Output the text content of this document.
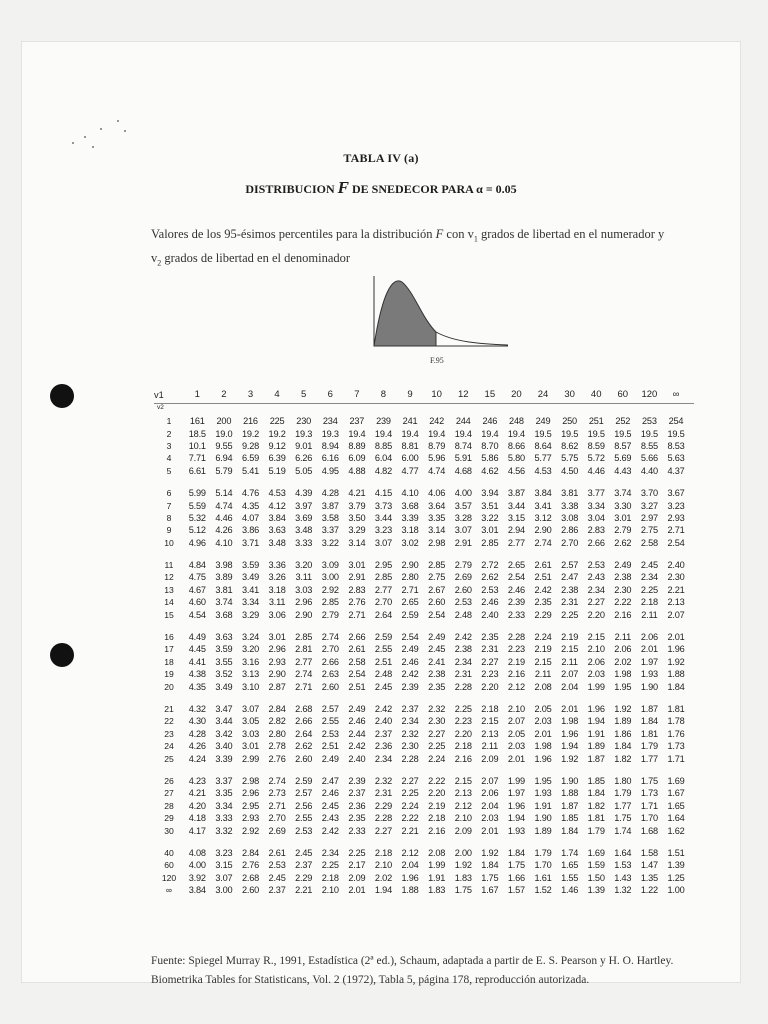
TABLA IV (a)
DISTRIBUCION F DE SNEDECOR PARA α = 0.05
Valores de los 95-ésimos percentiles para la distribución F con $v_1$ grados de libertad en el numerador y $v_2$ grados de libertad en el denominador
F.95
v1	1	2	3	4	5	6	7	8	9	10	12	15	20	24	30	40	60	120	∞
v2
1	161	200	216	225	230	234	237	239	241	242	244	246	248	249	250	251	252	253	254
2	18.5	19.0	19.2	19.2	19.3	19.3	19.4	19.4	19.4	19.4	19.4	19.4	19.4	19.5	19.5	19.5	19.5	19.5	19.5
3	10.1	9.55	9.28	9.12	9.01	8.94	8.89	8.85	8.81	8.79	8.74	8.70	8.66	8.64	8.62	8.59	8.57	8.55	8.53
4	7.71	6.94	6.59	6.39	6.26	6.16	6.09	6.04	6.00	5.96	5.91	5.86	5.80	5.77	5.75	5.72	5.69	5.66	5.63
5	6.61	5.79	5.41	5.19	5.05	4.95	4.88	4.82	4.77	4.74	4.68	4.62	4.56	4.53	4.50	4.46	4.43	4.40	4.37
6	5.99	5.14	4.76	4.53	4.39	4.28	4.21	4.15	4.10	4.06	4.00	3.94	3.87	3.84	3.81	3.77	3.74	3.70	3.67
7	5.59	4.74	4.35	4.12	3.97	3.87	3.79	3.73	3.68	3.64	3.57	3.51	3.44	3.41	3.38	3.34	3.30	3.27	3.23
8	5.32	4.46	4.07	3.84	3.69	3.58	3.50	3.44	3.39	3.35	3.28	3.22	3.15	3.12	3.08	3.04	3.01	2.97	2.93
9	5.12	4.26	3.86	3.63	3.48	3.37	3.29	3.23	3.18	3.14	3.07	3.01	2.94	2.90	2.86	2.83	2.79	2.75	2.71
10	4.96	4.10	3.71	3.48	3.33	3.22	3.14	3.07	3.02	2.98	2.91	2.85	2.77	2.74	2.70	2.66	2.62	2.58	2.54
11	4.84	3.98	3.59	3.36	3.20	3.09	3.01	2.95	2.90	2.85	2.79	2.72	2.65	2.61	2.57	2.53	2.49	2.45	2.40
12	4.75	3.89	3.49	3.26	3.11	3.00	2.91	2.85	2.80	2.75	2.69	2.62	2.54	2.51	2.47	2.43	2.38	2.34	2.30
13	4.67	3.81	3.41	3.18	3.03	2.92	2.83	2.77	2.71	2.67	2.60	2.53	2.46	2.42	2.38	2.34	2.30	2.25	2.21
14	4.60	3.74	3.34	3.11	2.96	2.85	2.76	2.70	2.65	2.60	2.53	2.46	2.39	2.35	2.31	2.27	2.22	2.18	2.13
15	4.54	3.68	3.29	3.06	2.90	2.79	2.71	2.64	2.59	2.54	2.48	2.40	2.33	2.29	2.25	2.20	2.16	2.11	2.07
16	4.49	3.63	3.24	3.01	2.85	2.74	2.66	2.59	2.54	2.49	2.42	2.35	2.28	2.24	2.19	2.15	2.11	2.06	2.01
17	4.45	3.59	3.20	2.96	2.81	2.70	2.61	2.55	2.49	2.45	2.38	2.31	2.23	2.19	2.15	2.10	2.06	2.01	1.96
18	4.41	3.55	3.16	2.93	2.77	2.66	2.58	2.51	2.46	2.41	2.34	2.27	2.19	2.15	2.11	2.06	2.02	1.97	1.92
19	4.38	3.52	3.13	2.90	2.74	2.63	2.54	2.48	2.42	2.38	2.31	2.23	2.16	2.11	2.07	2.03	1.98	1.93	1.88
20	4.35	3.49	3.10	2.87	2.71	2.60	2.51	2.45	2.39	2.35	2.28	2.20	2.12	2.08	2.04	1.99	1.95	1.90	1.84
21	4.32	3.47	3.07	2.84	2.68	2.57	2.49	2.42	2.37	2.32	2.25	2.18	2.10	2.05	2.01	1.96	1.92	1.87	1.81
22	4.30	3.44	3.05	2.82	2.66	2.55	2.46	2.40	2.34	2.30	2.23	2.15	2.07	2.03	1.98	1.94	1.89	1.84	1.78
23	4.28	3.42	3.03	2.80	2.64	2.53	2.44	2.37	2.32	2.27	2.20	2.13	2.05	2.01	1.96	1.91	1.86	1.81	1.76
24	4.26	3.40	3.01	2.78	2.62	2.51	2.42	2.36	2.30	2.25	2.18	2.11	2.03	1.98	1.94	1.89	1.84	1.79	1.73
25	4.24	3.39	2.99	2.76	2.60	2.49	2.40	2.34	2.28	2.24	2.16	2.09	2.01	1.96	1.92	1.87	1.82	1.77	1.71
26	4.23	3.37	2.98	2.74	2.59	2.47	2.39	2.32	2.27	2.22	2.15	2.07	1.99	1.95	1.90	1.85	1.80	1.75	1.69
27	4.21	3.35	2.96	2.73	2.57	2.46	2.37	2.31	2.25	2.20	2.13	2.06	1.97	1.93	1.88	1.84	1.79	1.73	1.67
28	4.20	3.34	2.95	2.71	2.56	2.45	2.36	2.29	2.24	2.19	2.12	2.04	1.96	1.91	1.87	1.82	1.77	1.71	1.65
29	4.18	3.33	2.93	2.70	2.55	2.43	2.35	2.28	2.22	2.18	2.10	2.03	1.94	1.90	1.85	1.81	1.75	1.70	1.64
30	4.17	3.32	2.92	2.69	2.53	2.42	2.33	2.27	2.21	2.16	2.09	2.01	1.93	1.89	1.84	1.79	1.74	1.68	1.62
40	4.08	3.23	2.84	2.61	2.45	2.34	2.25	2.18	2.12	2.08	2.00	1.92	1.84	1.79	1.74	1.69	1.64	1.58	1.51
60	4.00	3.15	2.76	2.53	2.37	2.25	2.17	2.10	2.04	1.99	1.92	1.84	1.75	1.70	1.65	1.59	1.53	1.47	1.39
120	3.92	3.07	2.68	2.45	2.29	2.18	2.09	2.02	1.96	1.91	1.83	1.75	1.66	1.61	1.55	1.50	1.43	1.35	1.25
∞	3.84	3.00	2.60	2.37	2.21	2.10	2.01	1.94	1.88	1.83	1.75	1.67	1.57	1.52	1.46	1.39	1.32	1.22	1.00
Fuente: Spiegel Murray R., 1991, Estadística (2ª ed.), Schaum, adaptada a partir de E. S. Pearson y H. O. Hartley. Biometrika Tables for Statisticans, Vol. 2 (1972), Tabla 5, página 178, reproducción autorizada.
